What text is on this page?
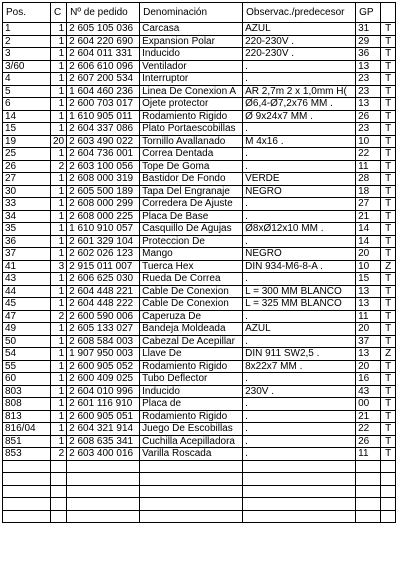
Pos.	C	Nº de pedido	Denominación	Observac./predecesor	GP	
1	1	2 605 105 036	Carcasa	AZUL	31	T
2	1	2 604 220 690	Expansion Polar	220-230V .	29	T
3	1	2 604 011 331	Inducido	220-230V .	36	T
3/60	1	2 606 610 096	Ventilador	.	13	T
4	1	2 607 200 534	Interruptor	.	23	T
5	1	1 604 460 236	Linea De Conexion A	AR 2,7m 2 x 1,0mm H(	23	T
6	1	2 600 703 017	Ojete protector	Ø6,4-Ø7,2x76 MM .	13	T
14	1	1 610 905 011	Rodamiento Rigido	Ø 9x24x7 MM .	26	T
15	1	2 604 337 086	Plato Portaescobillas	.	23	T
19	20	2 603 490 022	Tornillo Avallanado	M 4x16 .	10	T
25	1	2 604 736 001	Correa Dentada	.	22	T
26	2	2 603 100 056	Tope De Goma	.	11	T
27	1	2 608 000 319	Bastidor De Fondo	VERDE	28	T
30	1	2 605 500 189	Tapa Del Engranaje	NEGRO	18	T
33	1	2 608 000 299	Corredera De Ajuste	.	27	T
34	1	2 608 000 225	Placa De Base	.	21	T
35	1	1 610 910 057	Casquillo De Agujas	Ø8xØ12x10 MM .	14	T
36	1	2 601 329 104	Proteccion De	.	14	T
37	1	2 602 026 123	Mango	NEGRO	20	T
41	3	2 915 011 007	Tuerca Hex	DIN 934-M6-8-A .	10	Z
43	1	2 606 625 030	Rueda De Correa	.	15	T
44	1	2 604 448 221	Cable De Conexion	L = 300 MM BLANCO	13	T
45	1	2 604 448 222	Cable De Conexion	L = 325 MM BLANCO	13	T
47	2	2 600 590 006	Caperuza De	.	11	T
49	1	2 605 133 027	Bandeja Moldeada	AZUL	20	T
50	1	2 608 584 003	Cabezal De Acepillar	.	37	T
54	1	1 907 950 003	Llave De	DIN 911 SW2,5 .	13	Z
55	1	2 600 905 052	Rodamiento Rigido	8x22x7 MM .	20	T
60	1	2 600 409 025	Tubo Deflector	.	16	T
803	1	2 604 010 996	Inducido	230V .	43	T
808	1	2 601 116 910	Placa de	.	00	T
813	1	2 600 905 051	Rodamiento Rigido	.	21	T
816/04	1	2 604 321 914	Juego De Escobillas	.	22	T
851	1	2 608 635 341	Cuchilla Acepilladora	.	26	T
853	2	2 603 400 016	Varilla Roscada	.	11	T
